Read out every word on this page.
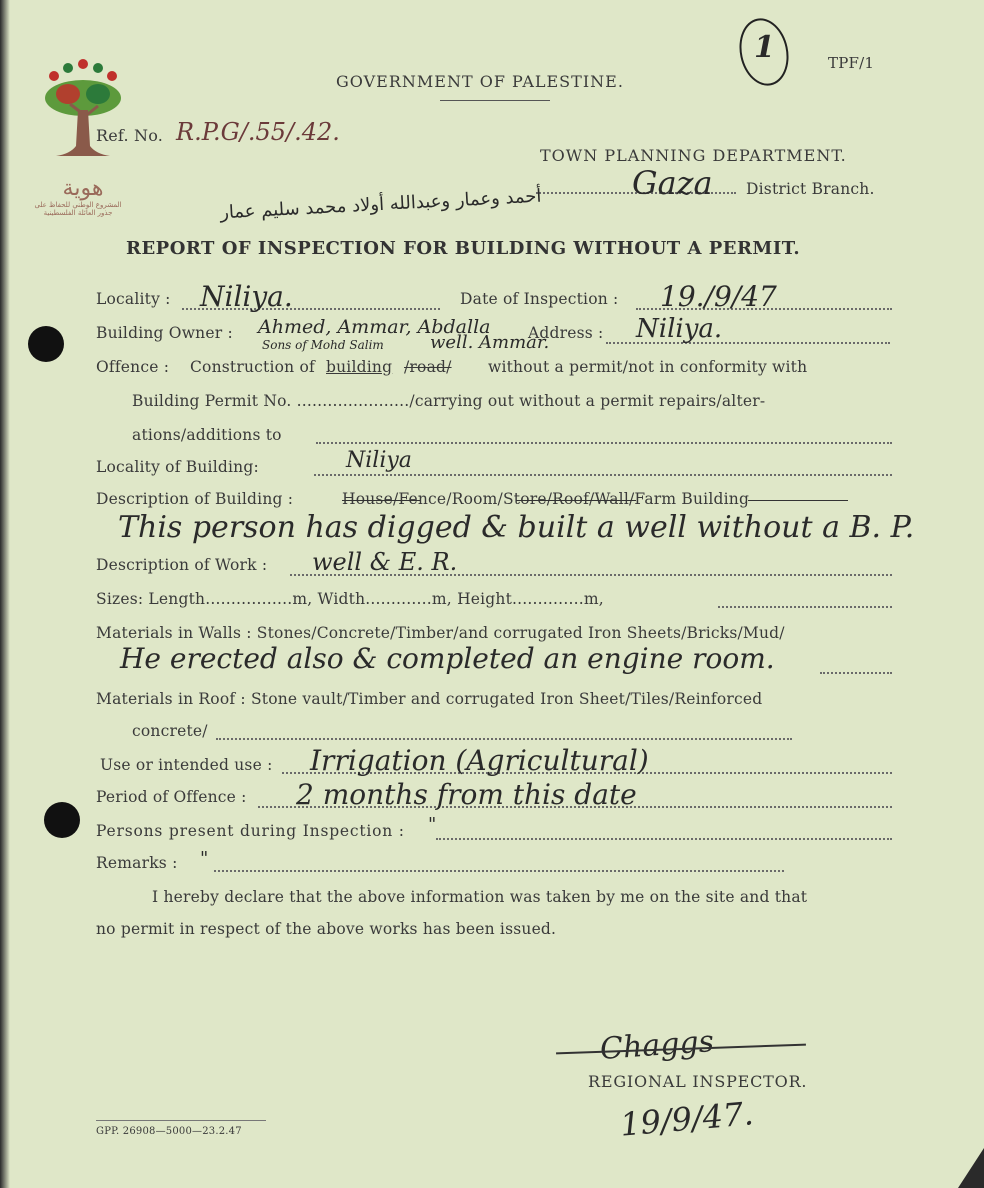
هوية
المشروع الوطني للحفاظ على
جذور العائلة الفلسطينية
GOVERNMENT OF PALESTINE.
TPF/1
1
Ref. No. R.P.G/.55/.42.
TOWN PLANNING DEPARTMENT.
Gaza District Branch.
أحمد وعمار وعبدالله أولاد محمد سليم عمار
REPORT OF INSPECTION FOR BUILDING WITHOUT A PERMIT.
Locality : Niliya.	Date of Inspection : 19./9/47
Building Owner : Ahmed, Ammar, Abdalla
Sons of Mohd Salim
Address : Niliya.
Offence : Construction of building /road/ without a permit/not in conformity with
well. Ammar.
Building Permit No. ....................../carrying out without a permit repairs/alter-
ations/additions to
Locality of Building:	Niliya
Description of Building :	House/Fence/Room/Store/Roof/Wall/Farm Building
This person has digged & built a well without a B. P.
Description of Work : well & E. R.
Sizes: Length.................m, Width.............m, Height..............m,
Materials in Walls : Stones/Concrete/Timber/and corrugated Iron Sheets/Bricks/Mud/
He erected also & completed an engine room.
Materials in Roof : Stone vault/Timber and corrugated Iron Sheet/Tiles/Reinforced
concrete/
Use or intended use : Irrigation (Agricultural)
Period of Offence : 2 months from this date
Persons present during Inspection : "
Remarks : "
I hereby declare that the above information was taken by me on the site and that
no permit in respect of the above works has been issued.
Chaggs
REGIONAL INSPECTOR.
19/9/47.
GPP. 26908—5000—23.2.47
